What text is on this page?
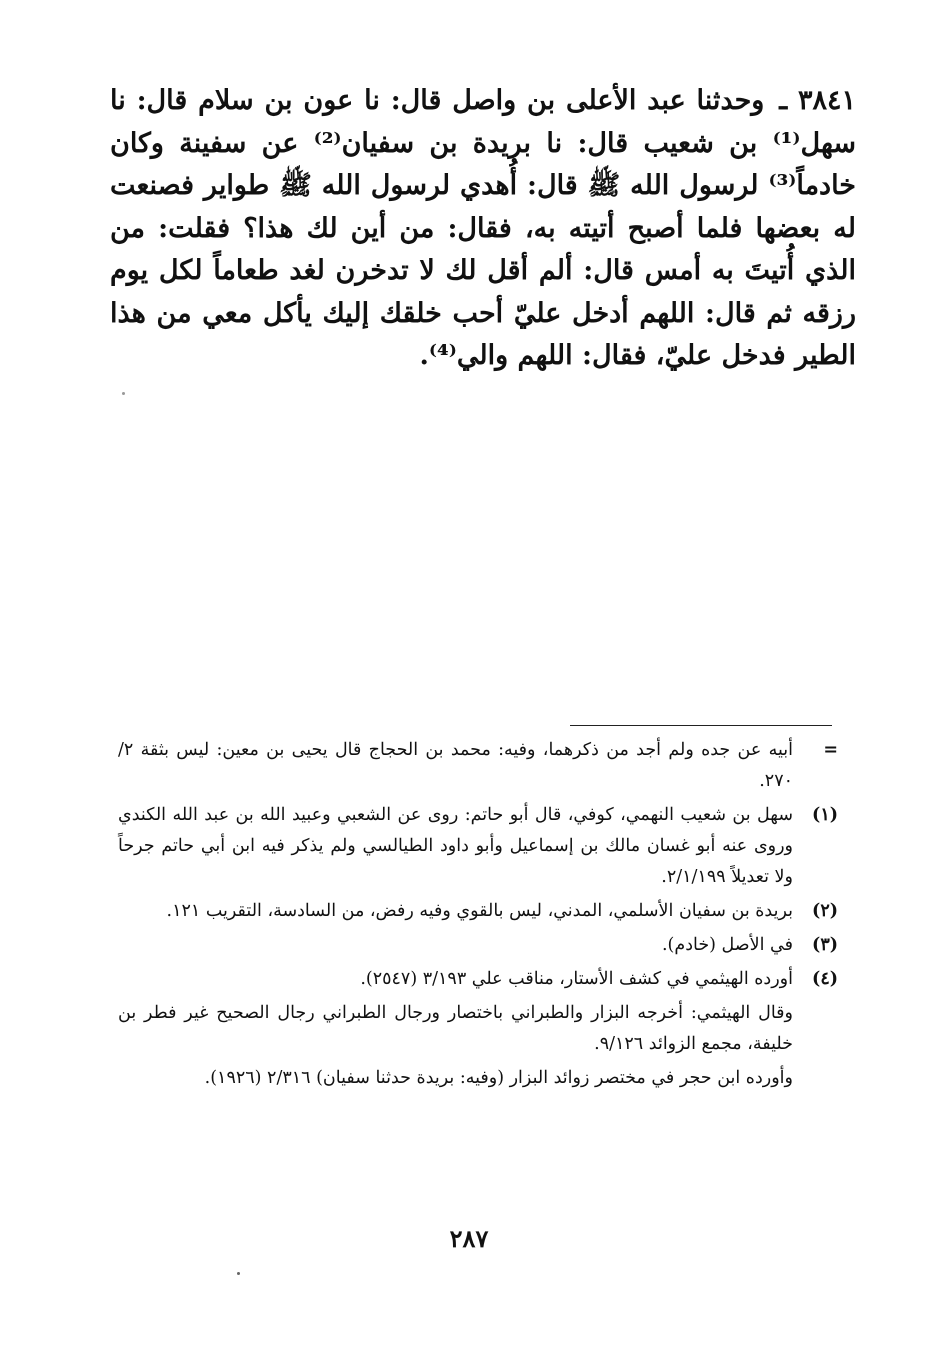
٣٨٤١ ـ وحدثنا عبد الأعلى بن واصل قال: نا عون بن سلام قال: نا سهل⁽¹⁾ بن شعيب قال: نا بريدة بن سفيان⁽²⁾ عن سفينة وكان خادماً⁽³⁾ لرسول الله ﷺ قال: أُهدي لرسول الله ﷺ طواير فصنعت له بعضها فلما أصبح أتيته به، فقال: من أين لك هذا؟ فقلت: من الذي أُتيتَ به أمس قال: ألم أقل لك لا تدخرن لغد طعاماً لكل يوم رزقه ثم قال: اللهم أدخل عليّ أحب خلقك إليك يأكل معي من هذا الطير فدخل عليّ، فقال: اللهم والي⁽⁴⁾.
=
أبيه عن جده ولم أجد من ذكرهما، وفيه: محمد بن الحجاج قال يحيى بن معين: ليس بثقة ٢/ ٢٧٠.
(١)
سهل بن شعيب النهمي، كوفي، قال أبو حاتم: روى عن الشعبي وعبيد الله بن عبد الله الكندي وروى عنه أبو غسان مالك بن إسماعيل وأبو داود الطيالسي ولم يذكر فيه ابن أبي حاتم جرحاً ولا تعديلاً ٢/١/١٩٩.
(٢)
بريدة بن سفيان الأسلمي، المدني، ليس بالقوي وفيه رفض، من السادسة، التقريب ١٢١.
(٣)
في الأصل (خادم).
(٤)
أورده الهيثمي في كشف الأستار، مناقب علي ٣/١٩٣ (٢٥٤٧).
وقال الهيثمي: أخرجه البزار والطبراني باختصار ورجال الطبراني رجال الصحيح غير فطر بن خليفة، مجمع الزوائد ٩/١٢٦.
وأورده ابن حجر في مختصر زوائد البزار (وفيه: بريدة حدثنا سفيان) ٢/٣١٦ (١٩٢٦).
٢٨٧
